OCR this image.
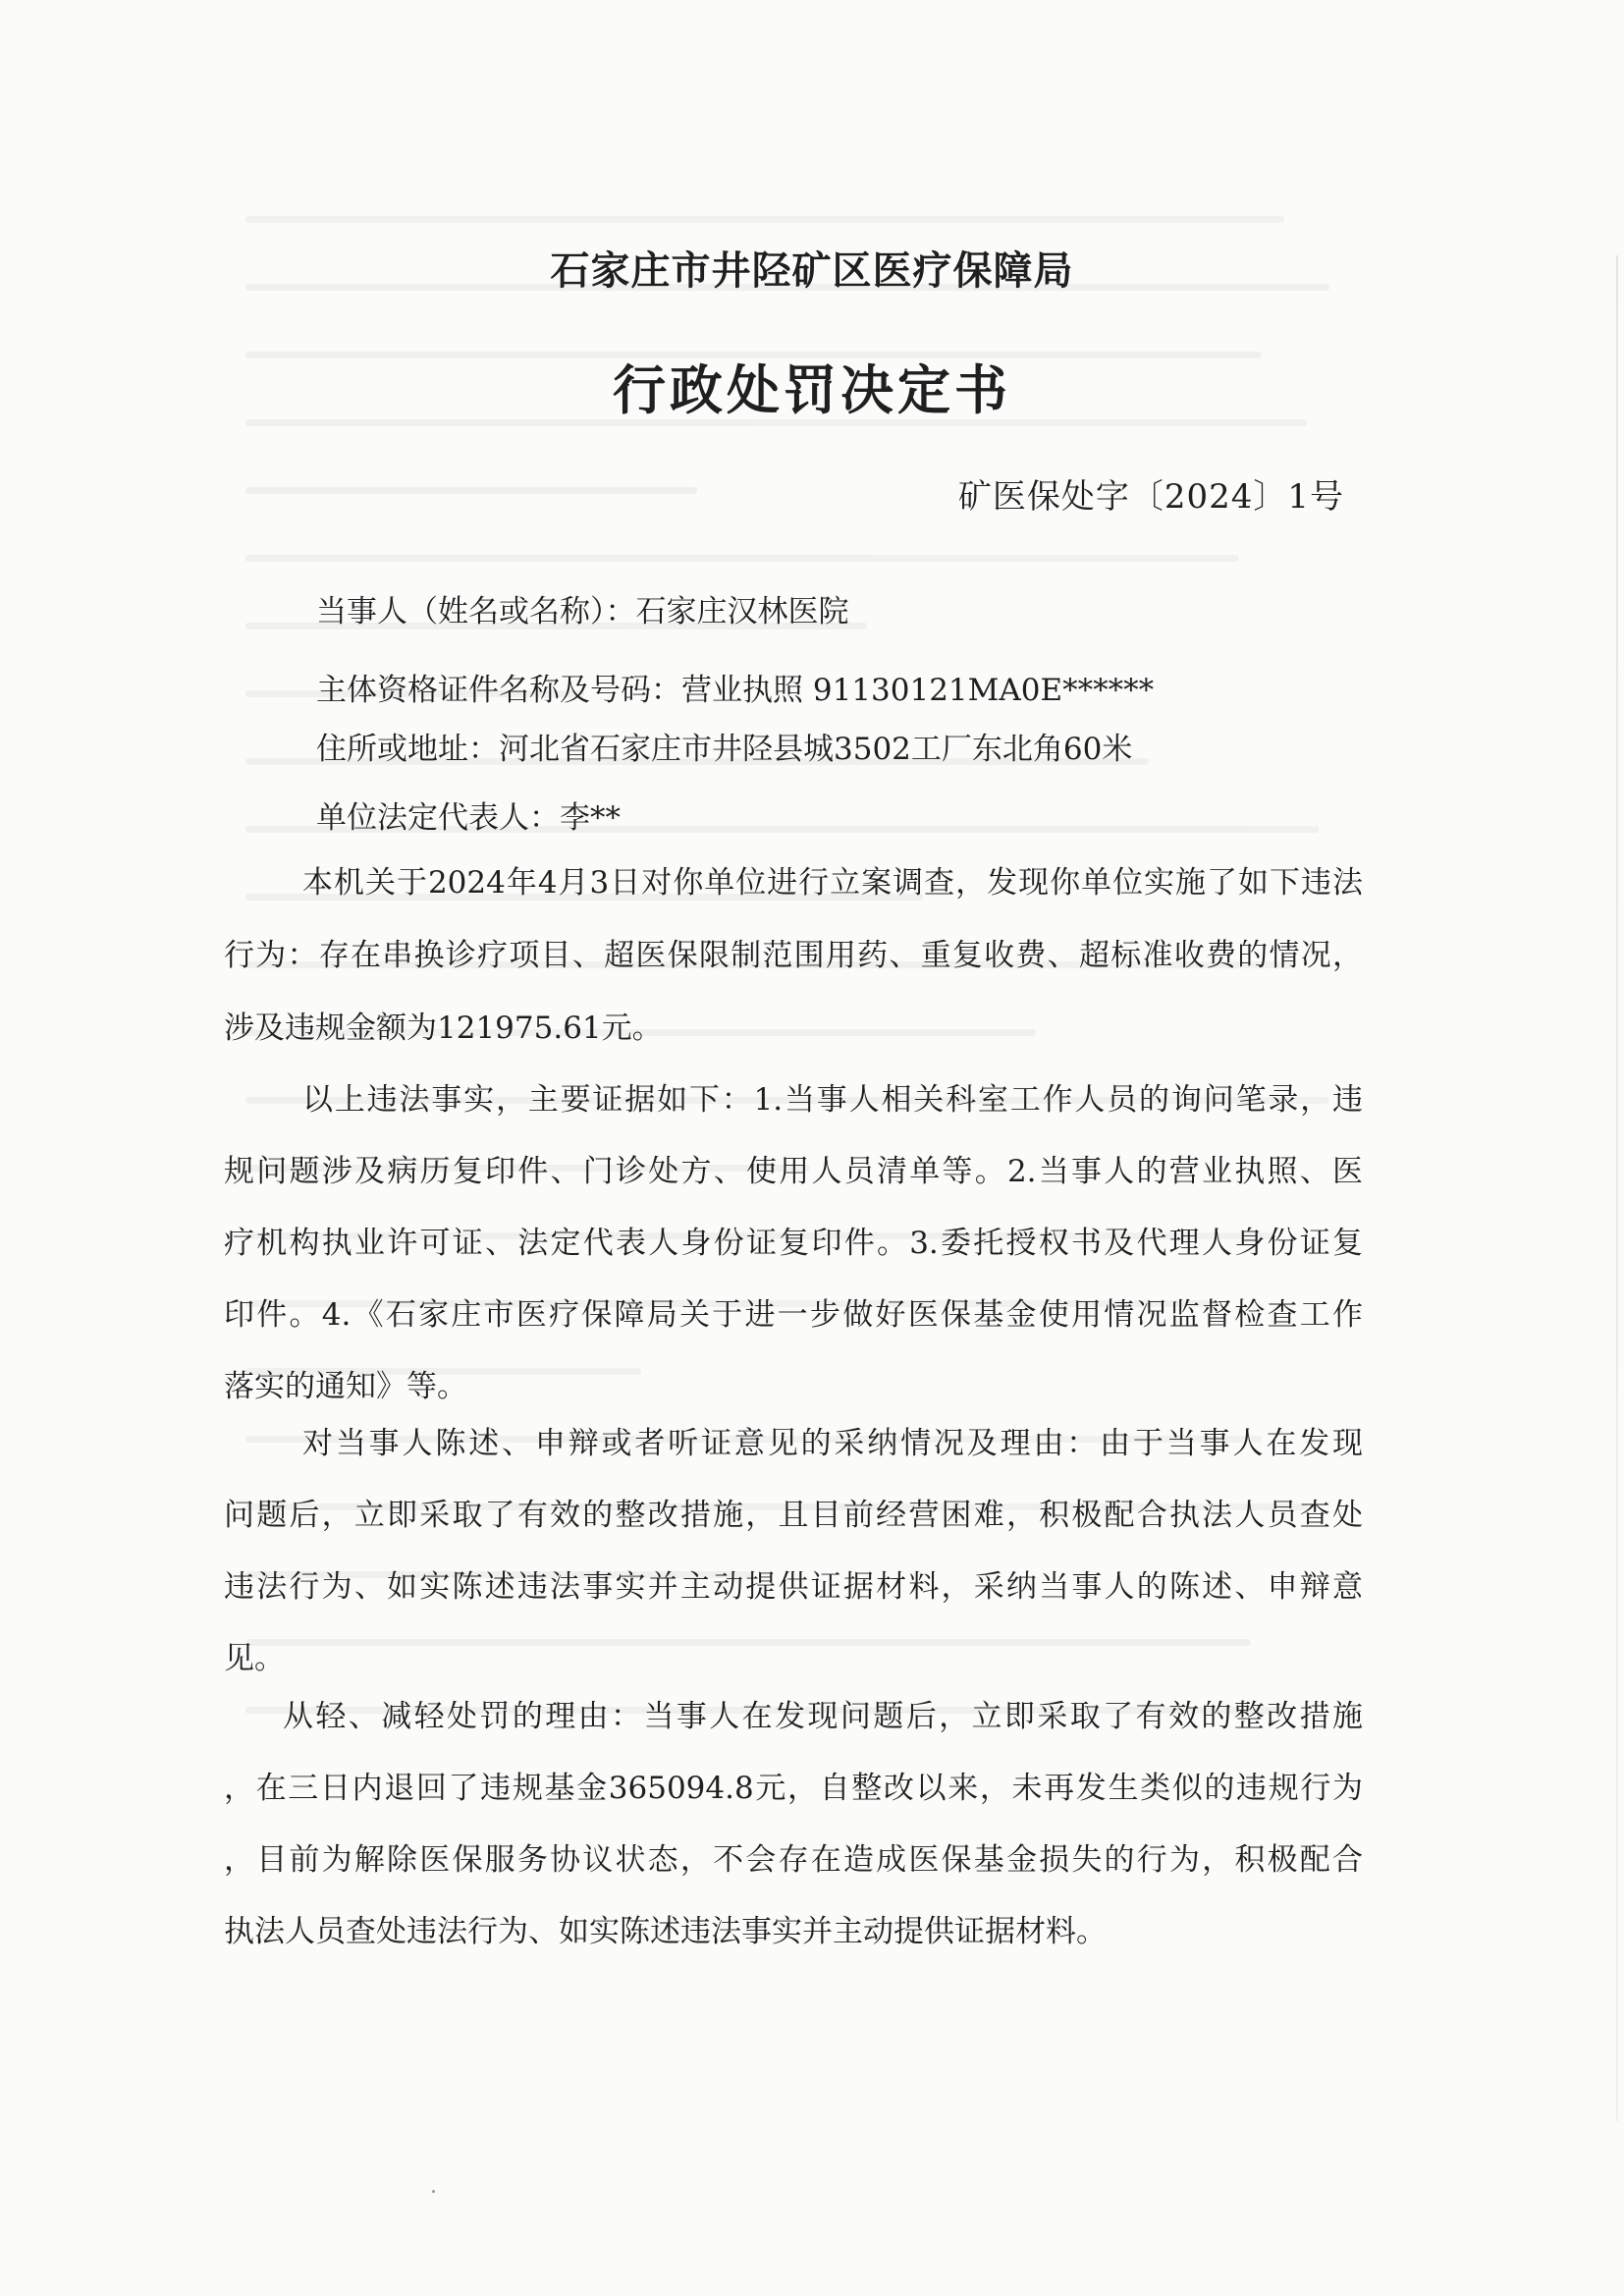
石家庄市井陉矿区医疗保障局
行政处罚决定书
矿医保处字〔2024〕1号
当事人（姓名或名称）：石家庄汉林医院
主体资格证件名称及号码：营业执照 91130121MA0E******
住所或地址：河北省石家庄市井陉县城3502工厂东北角60米
单位法定代表人：李**
本机关于2024年4月3日对你单位进行立案调查，发现你单位实施了如下违法
行为：存在串换诊疗项目、超医保限制范围用药、重复收费、超标准收费的情况，
涉及违规金额为121975.61元。
以上违法事实，主要证据如下：1.当事人相关科室工作人员的询问笔录，违
规问题涉及病历复印件、门诊处方、使用人员清单等。2.当事人的营业执照、医
疗机构执业许可证、法定代表人身份证复印件。3.委托授权书及代理人身份证复
印件。4.《石家庄市医疗保障局关于进一步做好医保基金使用情况监督检查工作
落实的通知》等。
对当事人陈述、申辩或者听证意见的采纳情况及理由：由于当事人在发现
问题后，立即采取了有效的整改措施，且目前经营困难，积极配合执法人员查处
违法行为、如实陈述违法事实并主动提供证据材料，采纳当事人的陈述、申辩意
见。
从轻、减轻处罚的理由：当事人在发现问题后，立即采取了有效的整改措施
，在三日内退回了违规基金365094.8元，自整改以来，未再发生类似的违规行为
，目前为解除医保服务协议状态，不会存在造成医保基金损失的行为，积极配合
执法人员查处违法行为、如实陈述违法事实并主动提供证据材料。
